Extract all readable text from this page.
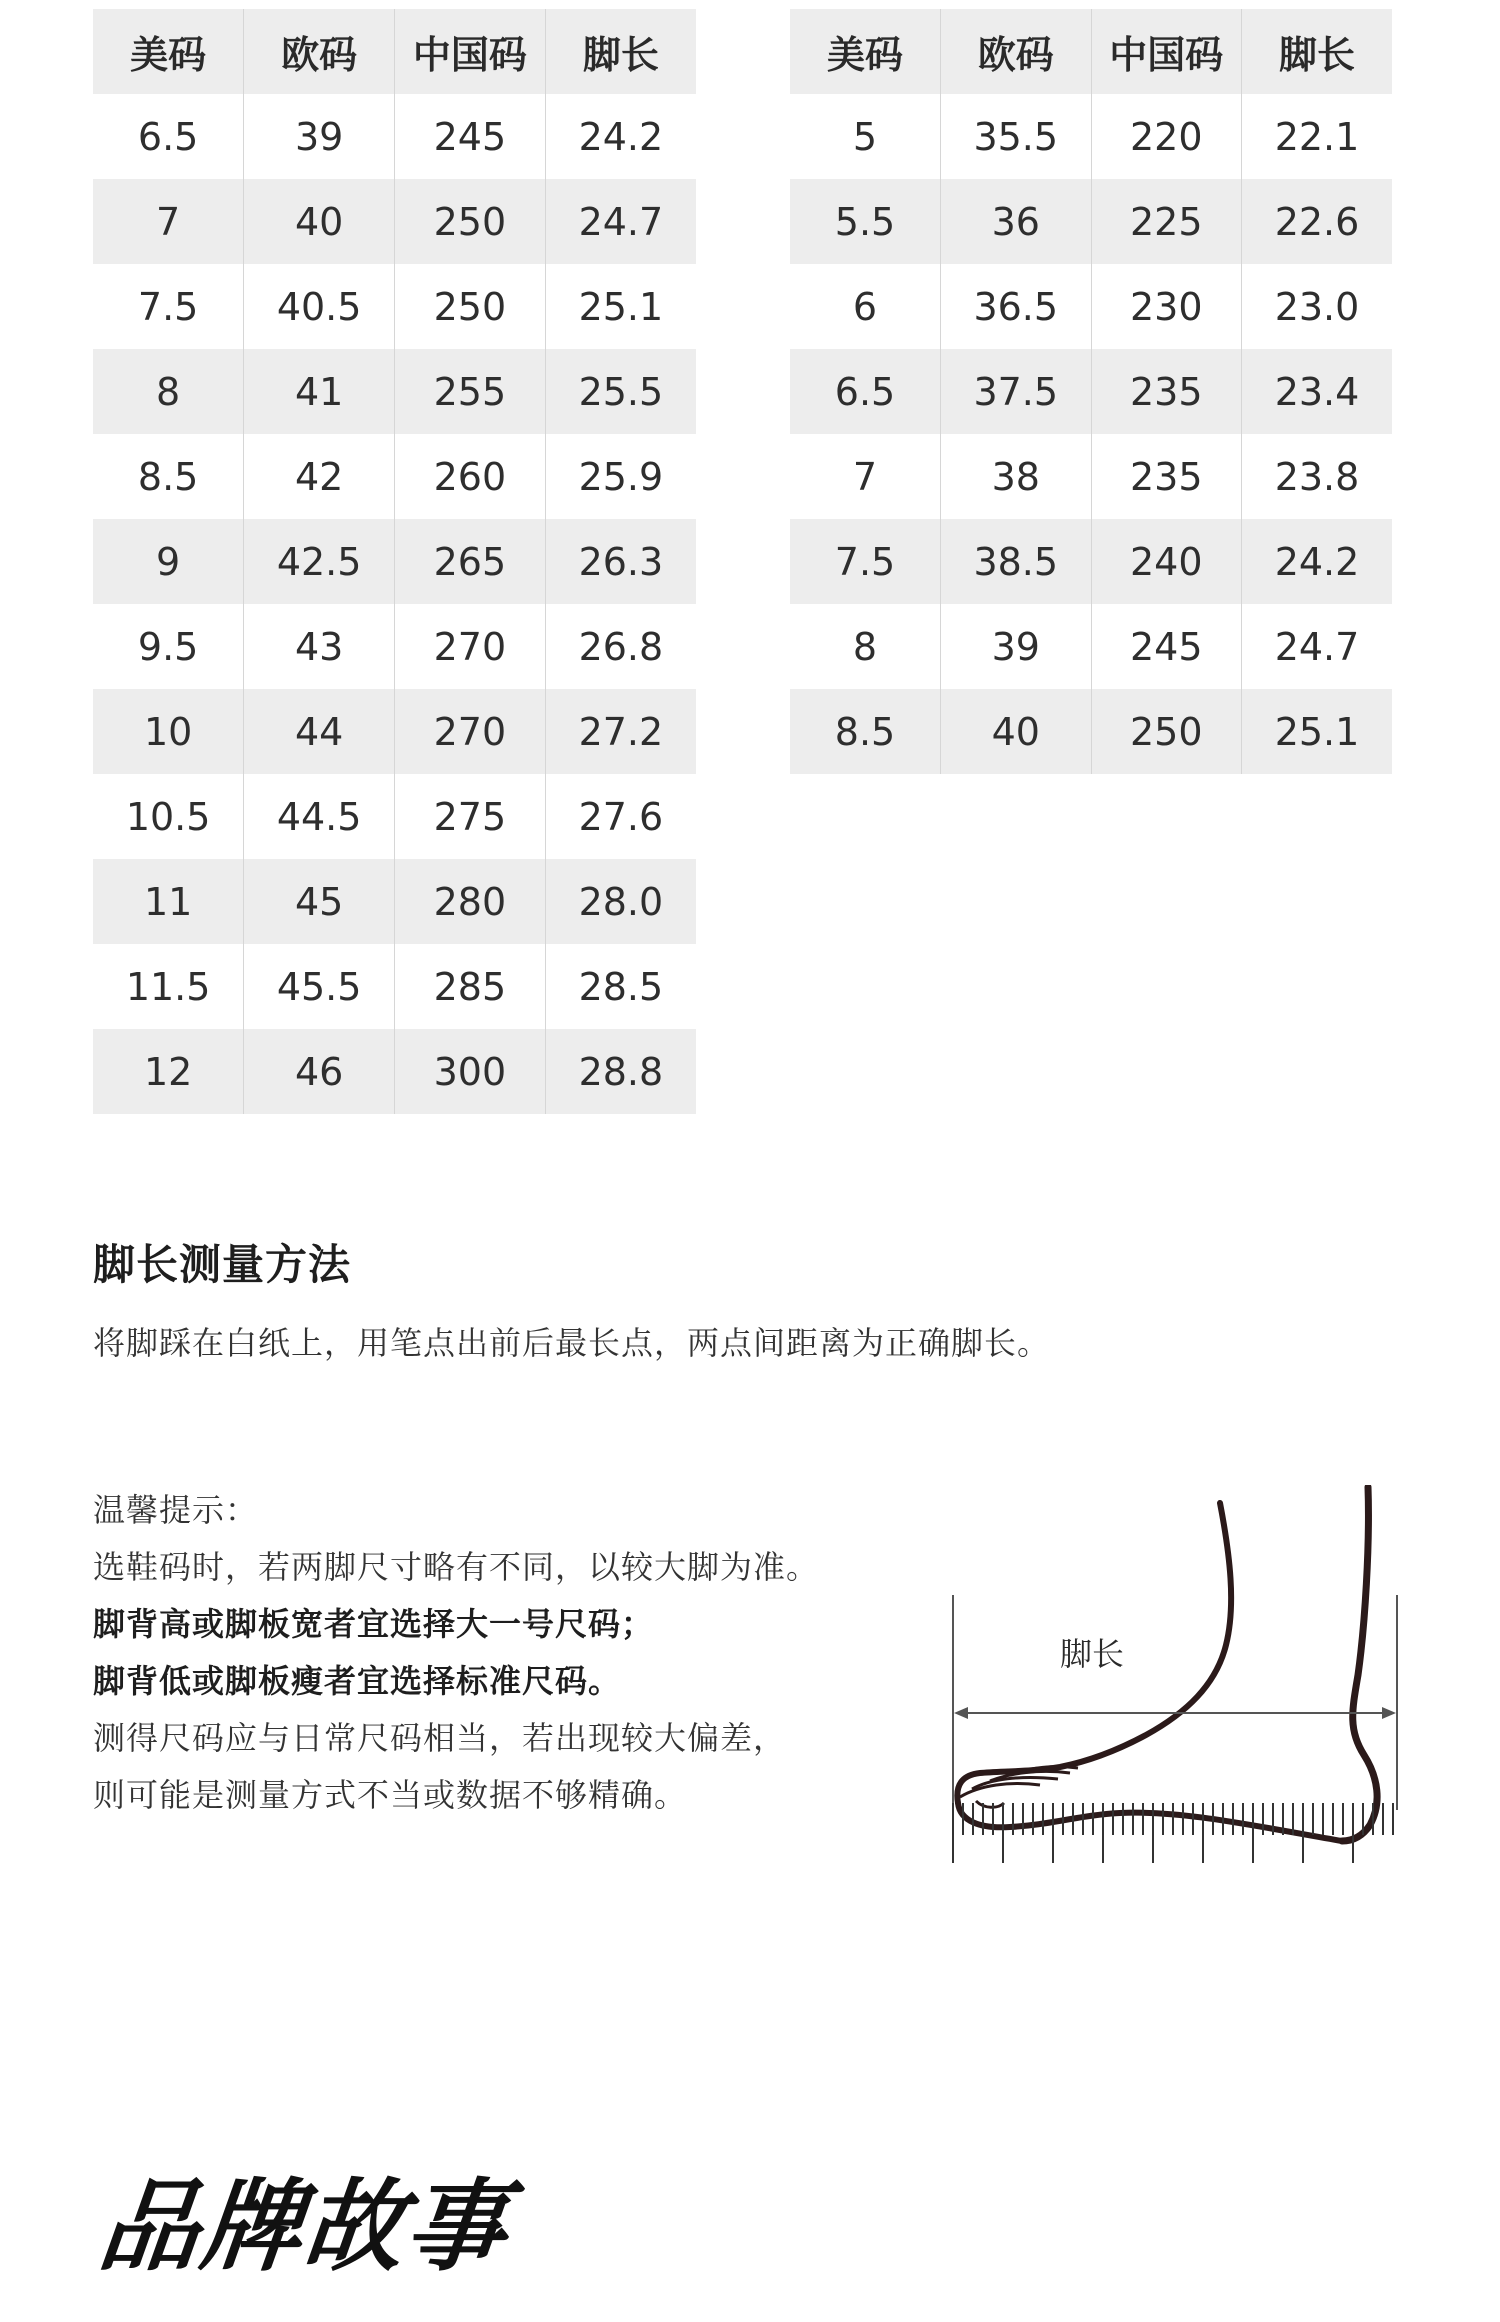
美码	欧码	中国码	脚长
6.5	39	245	24.2
7	40	250	24.7
7.5	40.5	250	25.1
8	41	255	25.5
8.5	42	260	25.9
9	42.5	265	26.3
9.5	43	270	26.8
10	44	270	27.2
10.5	44.5	275	27.6
11	45	280	28.0
11.5	45.5	285	28.5
12	46	300	28.8
美码	欧码	中国码	脚长
5	35.5	220	22.1
5.5	36	225	22.6
6	36.5	230	23.0
6.5	37.5	235	23.4
7	38	235	23.8
7.5	38.5	240	24.2
8	39	245	24.7
8.5	40	250	25.1
脚长测量方法

将脚踩在白纸上，用笔点出前后最长点，两点间距离为正确脚长。

温馨提示：

选鞋码时，若两脚尺寸略有不同，以较大脚为准。

脚背高或脚板宽者宜选择大一号尺码；

脚背低或脚板瘦者宜选择标准尺码。

测得尺码应与日常尺码相当，若出现较大偏差，

则可能是测量方式不当或数据不够精确。

脚长
品牌故事
